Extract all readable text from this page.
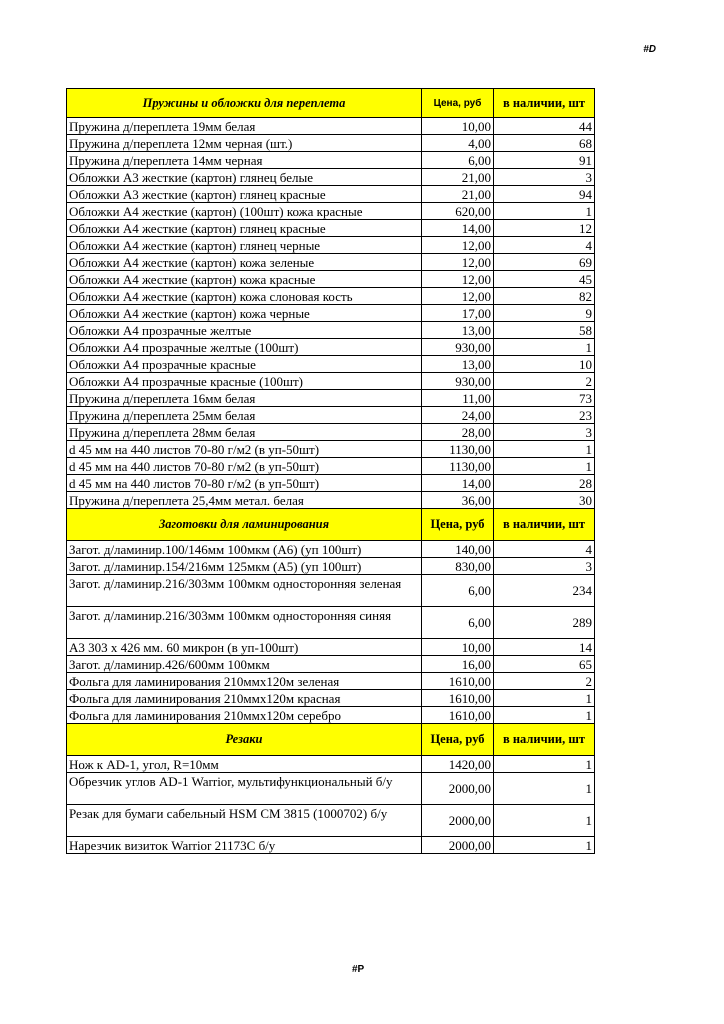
#D
Пружины и обложки для переплета	Цена, руб	в наличии, шт
Пружина д/переплета 19мм белая	10,00	44
Пружина д/переплета 12мм черная (шт.)	4,00	68
Пружина д/переплета 14мм черная	6,00	91
Обложки А3 жесткие (картон) глянец белые	21,00	3
Обложки А3 жесткие (картон) глянец красные	21,00	94
Обложки А4 жесткие (картон) (100шт) кожа красные	620,00	1
Обложки А4 жесткие (картон) глянец красные	14,00	12
Обложки А4 жесткие (картон) глянец черные	12,00	4
Обложки А4 жесткие (картон) кожа зеленые	12,00	69
Обложки А4 жесткие (картон) кожа красные	12,00	45
Обложки А4 жесткие (картон) кожа слоновая кость	12,00	82
Обложки А4 жесткие (картон) кожа черные	17,00	9
Обложки А4 прозрачные желтые	13,00	58
Обложки А4 прозрачные желтые (100шт)	930,00	1
Обложки А4 прозрачные красные	13,00	10
Обложки А4 прозрачные красные (100шт)	930,00	2
Пружина д/переплета 16мм белая	11,00	73
Пружина д/переплета 25мм белая	24,00	23
Пружина д/переплета 28мм белая	28,00	3
d 45 мм на 440 листов 70-80 г/м2 (в уп-50шт)	1130,00	1
d 45 мм на 440 листов 70-80 г/м2 (в уп-50шт)	1130,00	1
d 45 мм на 440 листов 70-80 г/м2 (в уп-50шт)	14,00	28
Пружина д/переплета 25,4мм метал. белая	36,00	30
Заготовки для ламинирования	Цена, руб	в наличии, шт
Загот. д/ламинир.100/146мм 100мкм (А6) (уп 100шт)	140,00	4
Загот. д/ламинир.154/216мм 125мкм (А5) (уп 100шт)	830,00	3
Загот. д/ламинир.216/303мм 100мкм односторонняя зеленая	6,00	234
Загот. д/ламинир.216/303мм 100мкм односторонняя синяя	6,00	289
А3 303 х 426 мм. 60 микрон (в уп-100шт)	10,00	14
Загот. д/ламинир.426/600мм 100мкм	16,00	65
Фольга для ламинирования 210ммх120м зеленая	1610,00	2
Фольга для ламинирования 210ммх120м красная	1610,00	1
Фольга для ламинирования 210ммх120м серебро	1610,00	1
Резаки	Цена, руб	в наличии, шт
Нож к AD-1, угол, R=10мм	1420,00	1
Обрезчик углов AD-1 Warrior, мультифункциональный б/у	2000,00	1
Резак для бумаги сабельный HSM CM 3815 (1000702) б/у	2000,00	1
Нарезчик визиток Warrior 21173C б/у	2000,00	1
#P
